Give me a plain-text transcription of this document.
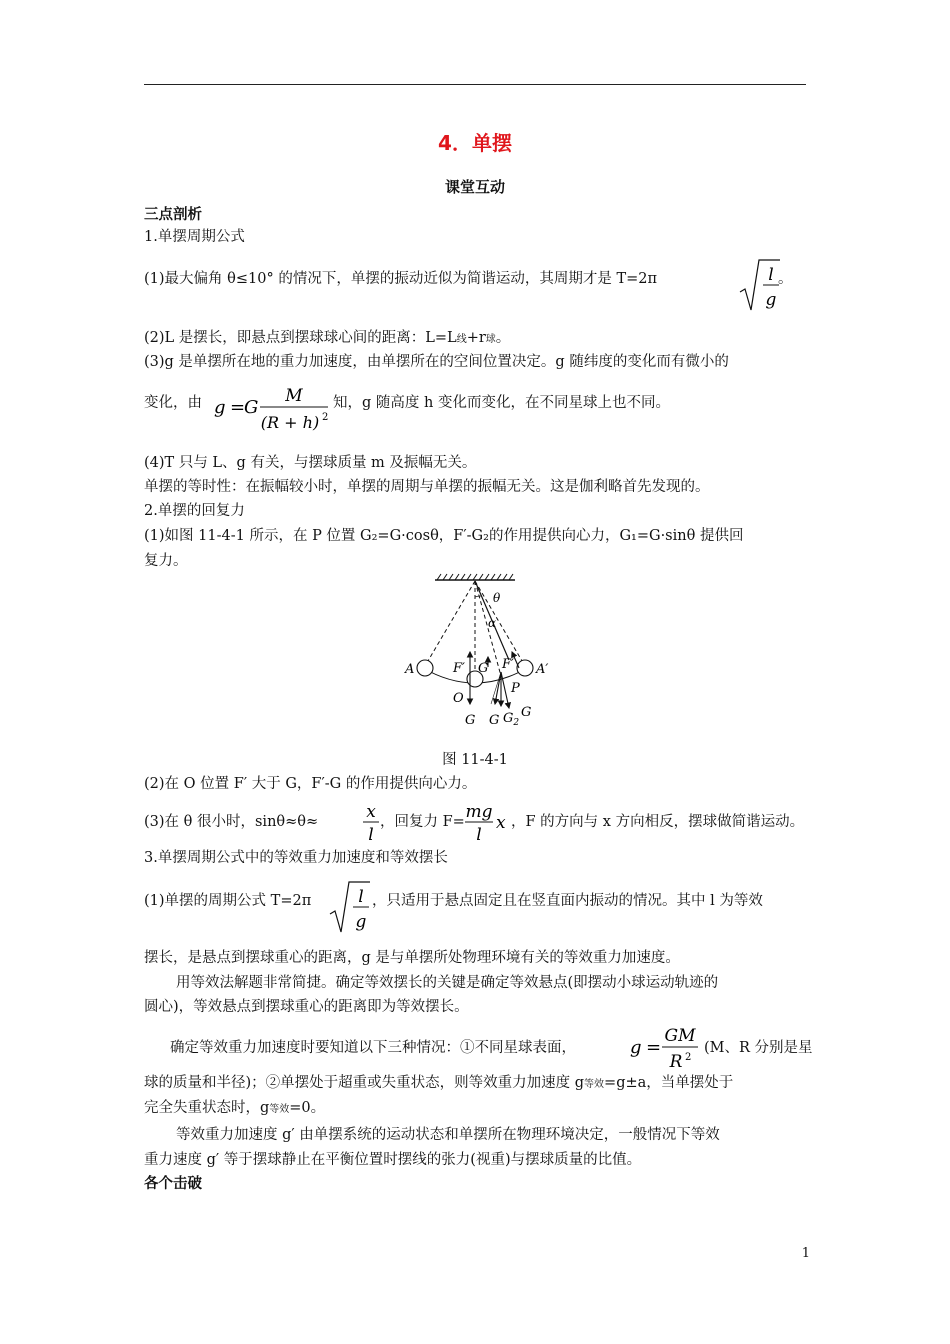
4．单摆
课堂互动
三点剖析
1.单摆周期公式
(1)最大偏角 θ≤10° 的情况下，单摆的振动近似为简谐运动，其周期才是 T=2π	l
g
。
(2)L 是摆长，即悬点到摆球球心间的距离：L=L线+r球。
(3)g 是单摆所在地的重力加速度，由单摆所在的空间位置决定。g 随纬度的变化而有微小的
变化，由 g =
G
M
(R + h) 2
知，g 随高度 h 变化而变化，在不同星球上也不同。
(4)T 只与 L、g 有关，与摆球质量 m 及振幅无关。
单摆的等时性：在振幅较小时，单摆的周期与单摆的振幅无关。这是伽利略首先发现的。
2.单摆的回复力
(1)如图 11-4-1 所示，在 P 位置 G₂=G·cosθ，F′-G₂的作用提供向心力，G₁=G·sinθ 提供回
复力。
θ
α
A	A′
O
P
F′	F′
G
G G $G_2$
G
图 11-4-1
(2)在 O 位置 F′ 大于 G，F′-G 的作用提供向心力。
(3)在 θ 很小时，sinθ≈θ≈	x
l
，回复力 F= mg
l
x ，F 的方向与 x 方向相反，摆球做简谐运动。
3.单摆周期公式中的等效重力加速度和等效摆长
(1)单摆的周期公式 T=2π	l
g
，只适用于悬点固定且在竖直面内振动的情况。其中 l 为等效
摆长，是悬点到摆球重心的距离，g 是与单摆所处物理环境有关的等效重力加速度。
用等效法解题非常简捷。确定等效摆长的关键是确定等效悬点(即摆动小球运动轨迹的
圆心)，等效悬点到摆球重心的距离即为等效摆长。
确定等效重力加速度时要知道以下三种情况：①不同星球表面，	g =
GM
R 2
(M、R 分别是星
球的质量和半径)；②单摆处于超重或失重状态，则等效重力加速度 g等效=g±a，当单摆处于
完全失重状态时，g等效=0。
等效重力加速度 g′ 由单摆系统的运动状态和单摆所在物理环境决定，一般情况下等效
重力速度 g′ 等于摆球静止在平衡位置时摆线的张力(视重)与摆球质量的比值。
各个击破
1
